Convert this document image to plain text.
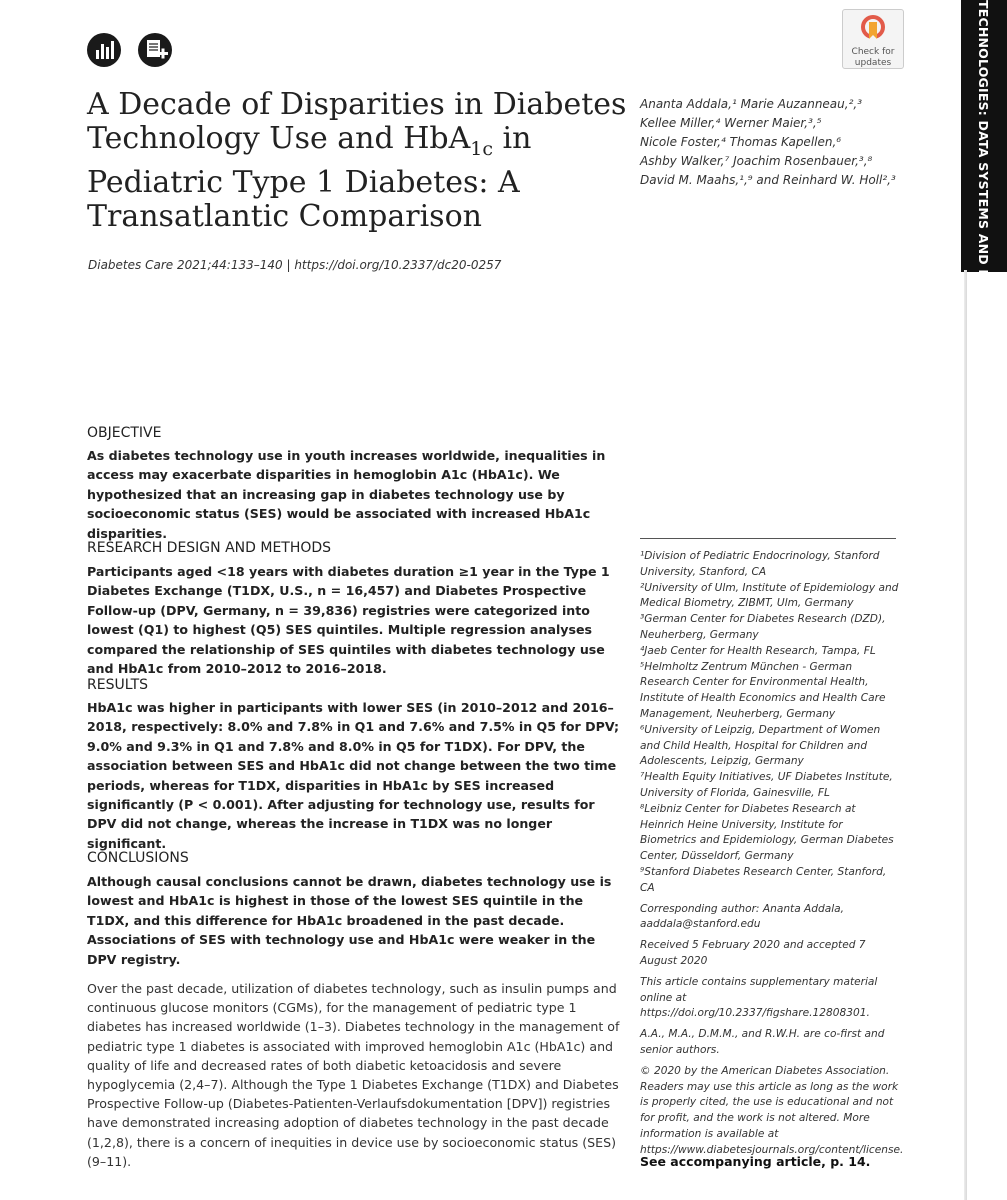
Check for
updates	TECHNOLOGIES: DATA SYSTEMS AND DEVICES
A Decade of Disparities in Diabetes
Technology Use and HbA$_{1c}$ in
Pediatric Type 1 Diabetes: A
Transatlantic Comparison
Diabetes Care 2021;44:133–140 | https://doi.org/10.2337/dc20-0257
Ananta Addala,¹ Marie Auzanneau,²,³
Kellee Miller,⁴ Werner Maier,³,⁵
Nicole Foster,⁴ Thomas Kapellen,⁶
Ashby Walker,⁷ Joachim Rosenbauer,³,⁸
David M. Maahs,¹,⁹ and Reinhard W. Holl²,³
OBJECTIVE

As diabetes technology use in youth increases worldwide, inequalities in access may exacerbate disparities in hemoglobin A1c (HbA1c). We hypothesized that an increasing gap in diabetes technology use by socioeconomic status (SES) would be associated with increased HbA1c disparities.

RESEARCH DESIGN AND METHODS

Participants aged <18 years with diabetes duration ≥1 year in the Type 1 Diabetes Exchange (T1DX, U.S., n = 16,457) and Diabetes Prospective Follow-up (DPV, Germany, n = 39,836) registries were categorized into lowest (Q1) to highest (Q5) SES quintiles. Multiple regression analyses compared the relationship of SES quintiles with diabetes technology use and HbA1c from 2010–2012 to 2016–2018.

RESULTS

HbA1c was higher in participants with lower SES (in 2010–2012 and 2016–2018, respectively: 8.0% and 7.8% in Q1 and 7.6% and 7.5% in Q5 for DPV; 9.0% and 9.3% in Q1 and 7.8% and 8.0% in Q5 for T1DX). For DPV, the association between SES and HbA1c did not change between the two time periods, whereas for T1DX, disparities in HbA1c by SES increased significantly (P < 0.001). After adjusting for technology use, results for DPV did not change, whereas the increase in T1DX was no longer significant.

CONCLUSIONS

Although causal conclusions cannot be drawn, diabetes technology use is lowest and HbA1c is highest in those of the lowest SES quintile in the T1DX, and this difference for HbA1c broadened in the past decade. Associations of SES with technology use and HbA1c were weaker in the DPV registry.

Over the past decade, utilization of diabetes technology, such as insulin pumps and continuous glucose monitors (CGMs), for the management of pediatric type 1 diabetes has increased worldwide (1–3). Diabetes technology in the management of pediatric type 1 diabetes is associated with improved hemoglobin A1c (HbA1c) and quality of life and decreased rates of both diabetic ketoacidosis and severe hypoglycemia (2,4–7). Although the Type 1 Diabetes Exchange (T1DX) and Diabetes Prospective Follow-up (Diabetes-Patienten-Verlaufsdokumentation [DPV]) registries have demonstrated increasing adoption of diabetes technology in the past decade (1,2,8), there is a concern of inequities in device use by socioeconomic status (SES) (9–11).

¹Division of Pediatric Endocrinology, Stanford University, Stanford, CA

²University of Ulm, Institute of Epidemiology and Medical Biometry, ZIBMT, Ulm, Germany

³German Center for Diabetes Research (DZD), Neuherberg, Germany

⁴Jaeb Center for Health Research, Tampa, FL

⁵Helmholtz Zentrum München - German Research Center for Environmental Health, Institute of Health Economics and Health Care Management, Neuherberg, Germany

⁶University of Leipzig, Department of Women and Child Health, Hospital for Children and Adolescents, Leipzig, Germany

⁷Health Equity Initiatives, UF Diabetes Institute, University of Florida, Gainesville, FL

⁸Leibniz Center for Diabetes Research at Heinrich Heine University, Institute for Biometrics and Epidemiology, German Diabetes Center, Düsseldorf, Germany

⁹Stanford Diabetes Research Center, Stanford, CA

Corresponding author: Ananta Addala, aaddala@stanford.edu

Received 5 February 2020 and accepted 7 August 2020

This article contains supplementary material online at https://doi.org/10.2337/figshare.12808301.

A.A., M.A., D.M.M., and R.W.H. are co-first and senior authors.

© 2020 by the American Diabetes Association. Readers may use this article as long as the work is properly cited, the use is educational and not for profit, and the work is not altered. More information is available at https://www.diabetesjournals.org/content/license.

See accompanying article, p. 14.
